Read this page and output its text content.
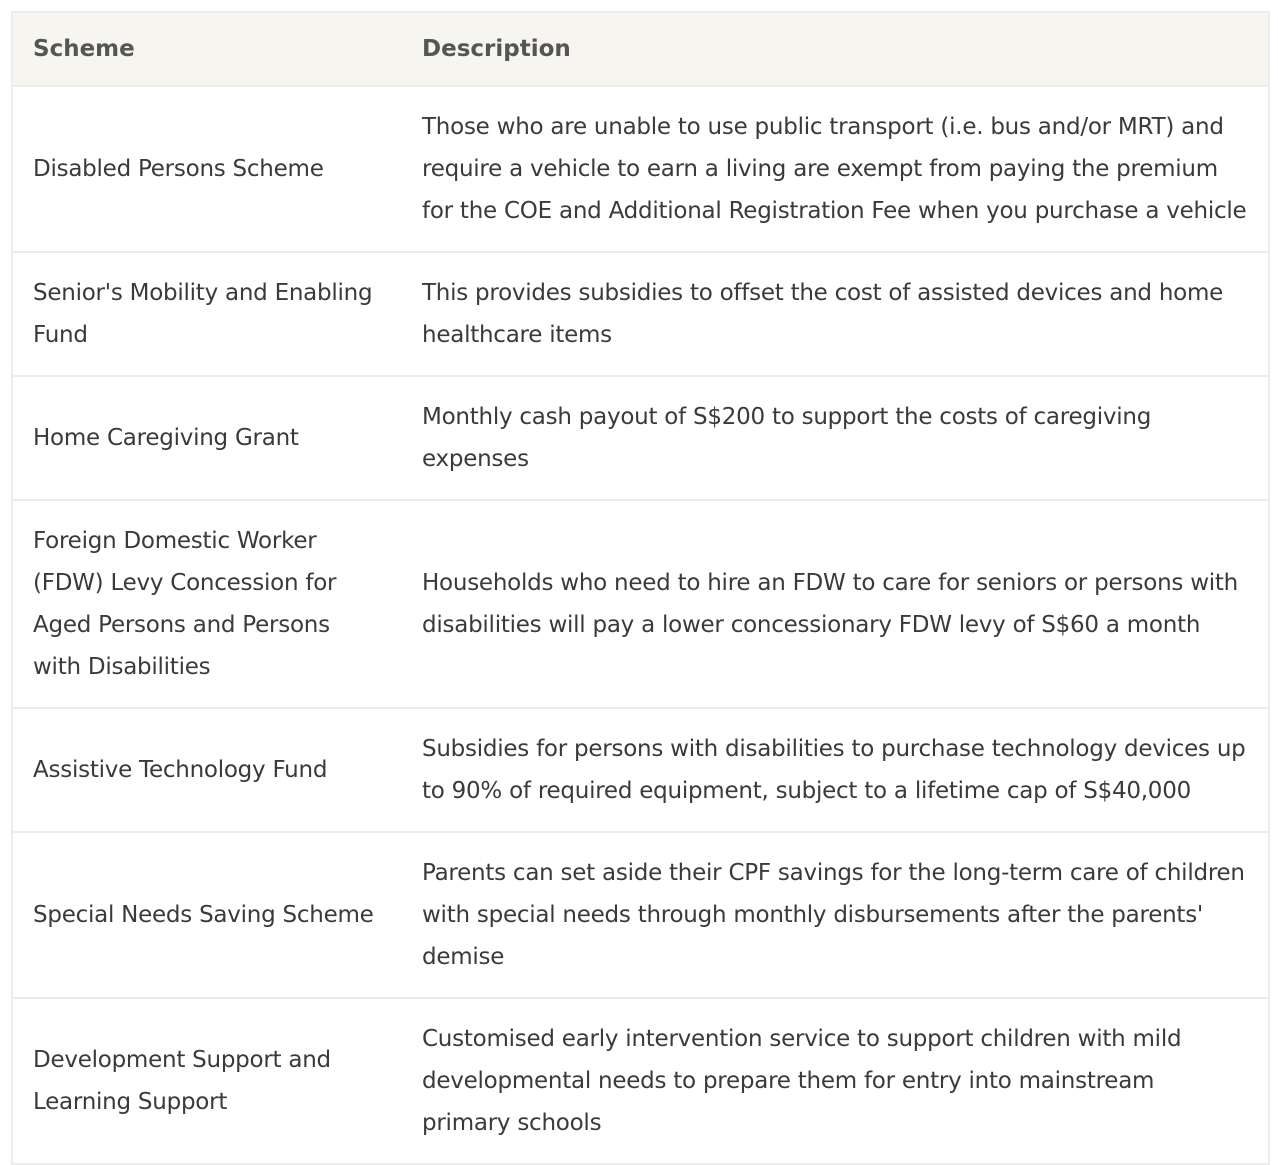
Scheme	Description
Disabled Persons Scheme	Those who are unable to use public transport (i.e. bus and/or MRT) and require a vehicle to earn a living are exempt from paying the premium for the COE and Additional Registration Fee when you purchase a vehicle
Senior's Mobility and Enabling Fund	This provides subsidies to offset the cost of assisted devices and home healthcare items
Home Caregiving Grant	Monthly cash payout of S$200 to support the costs of caregiving expenses
Foreign Domestic Worker (FDW) Levy Concession for Aged Persons and Persons with Disabilities	Households who need to hire an FDW to care for seniors or persons with disabilities will pay a lower concessionary FDW levy of S$60 a month
Assistive Technology Fund	Subsidies for persons with disabilities to purchase technology devices up to 90% of required equipment, subject to a lifetime cap of S$40,000
Special Needs Saving Scheme	Parents can set aside their CPF savings for the long-term care of children with special needs through monthly disbursements after the parents' demise
Development Support and Learning Support	Customised early intervention service to support children with mild developmental needs to prepare them for entry into mainstream primary schools
